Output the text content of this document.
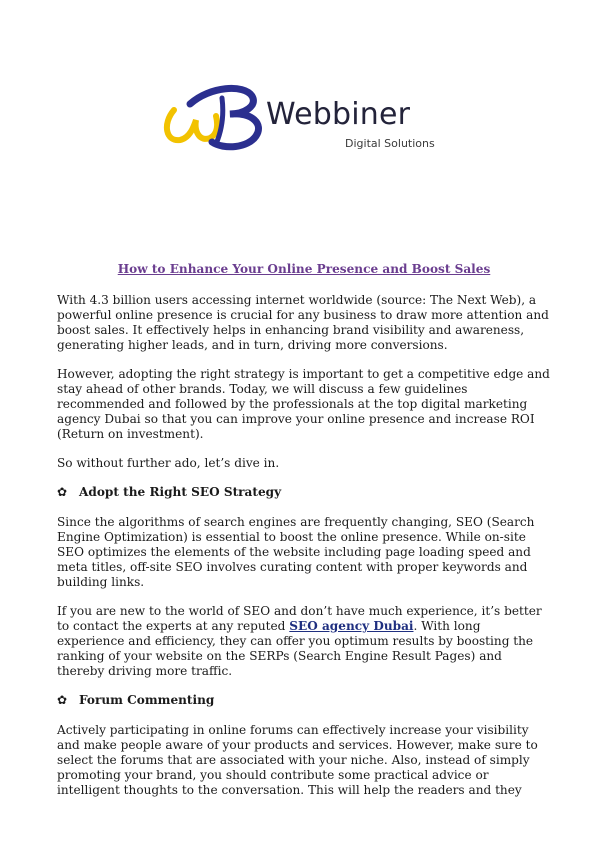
Webbiner
Digital Solutions
How to Enhance Your Online Presence and Boost Sales

With 4.3 billion users accessing internet worldwide (source: The Next Web), a powerful online presence is crucial for any business to draw more attention and boost sales. It effectively helps in enhancing brand visibility and awareness, generating higher leads, and in turn, driving more conversions.

However, adopting the right strategy is important to get a competitive edge and stay ahead of other brands. Today, we will discuss a few guidelines recommended and followed by the professionals at the top digital marketing agency Dubai so that you can improve your online presence and increase ROI (Return on investment).

So without further ado, let’s dive in.

✿ Adopt the Right SEO Strategy

Since the algorithms of search engines are frequently changing, SEO (Search Engine Optimization) is essential to boost the online presence. While on-site SEO optimizes the elements of the website including page loading speed and meta titles, off-site SEO involves curating content with proper keywords and building links.

If you are new to the world of SEO and don’t have much experience, it’s better to contact the experts at any reputed SEO agency Dubai. With long experience and efficiency, they can offer you optimum results by boosting the ranking of your website on the SERPs (Search Engine Result Pages) and thereby driving more traffic.

✿ Forum Commenting

Actively participating in online forums can effectively increase your visibility and make people aware of your products and services. However, make sure to select the forums that are associated with your niche. Also, instead of simply promoting your brand, you should contribute some practical advice or intelligent thoughts to the conversation. This will help the readers and they
